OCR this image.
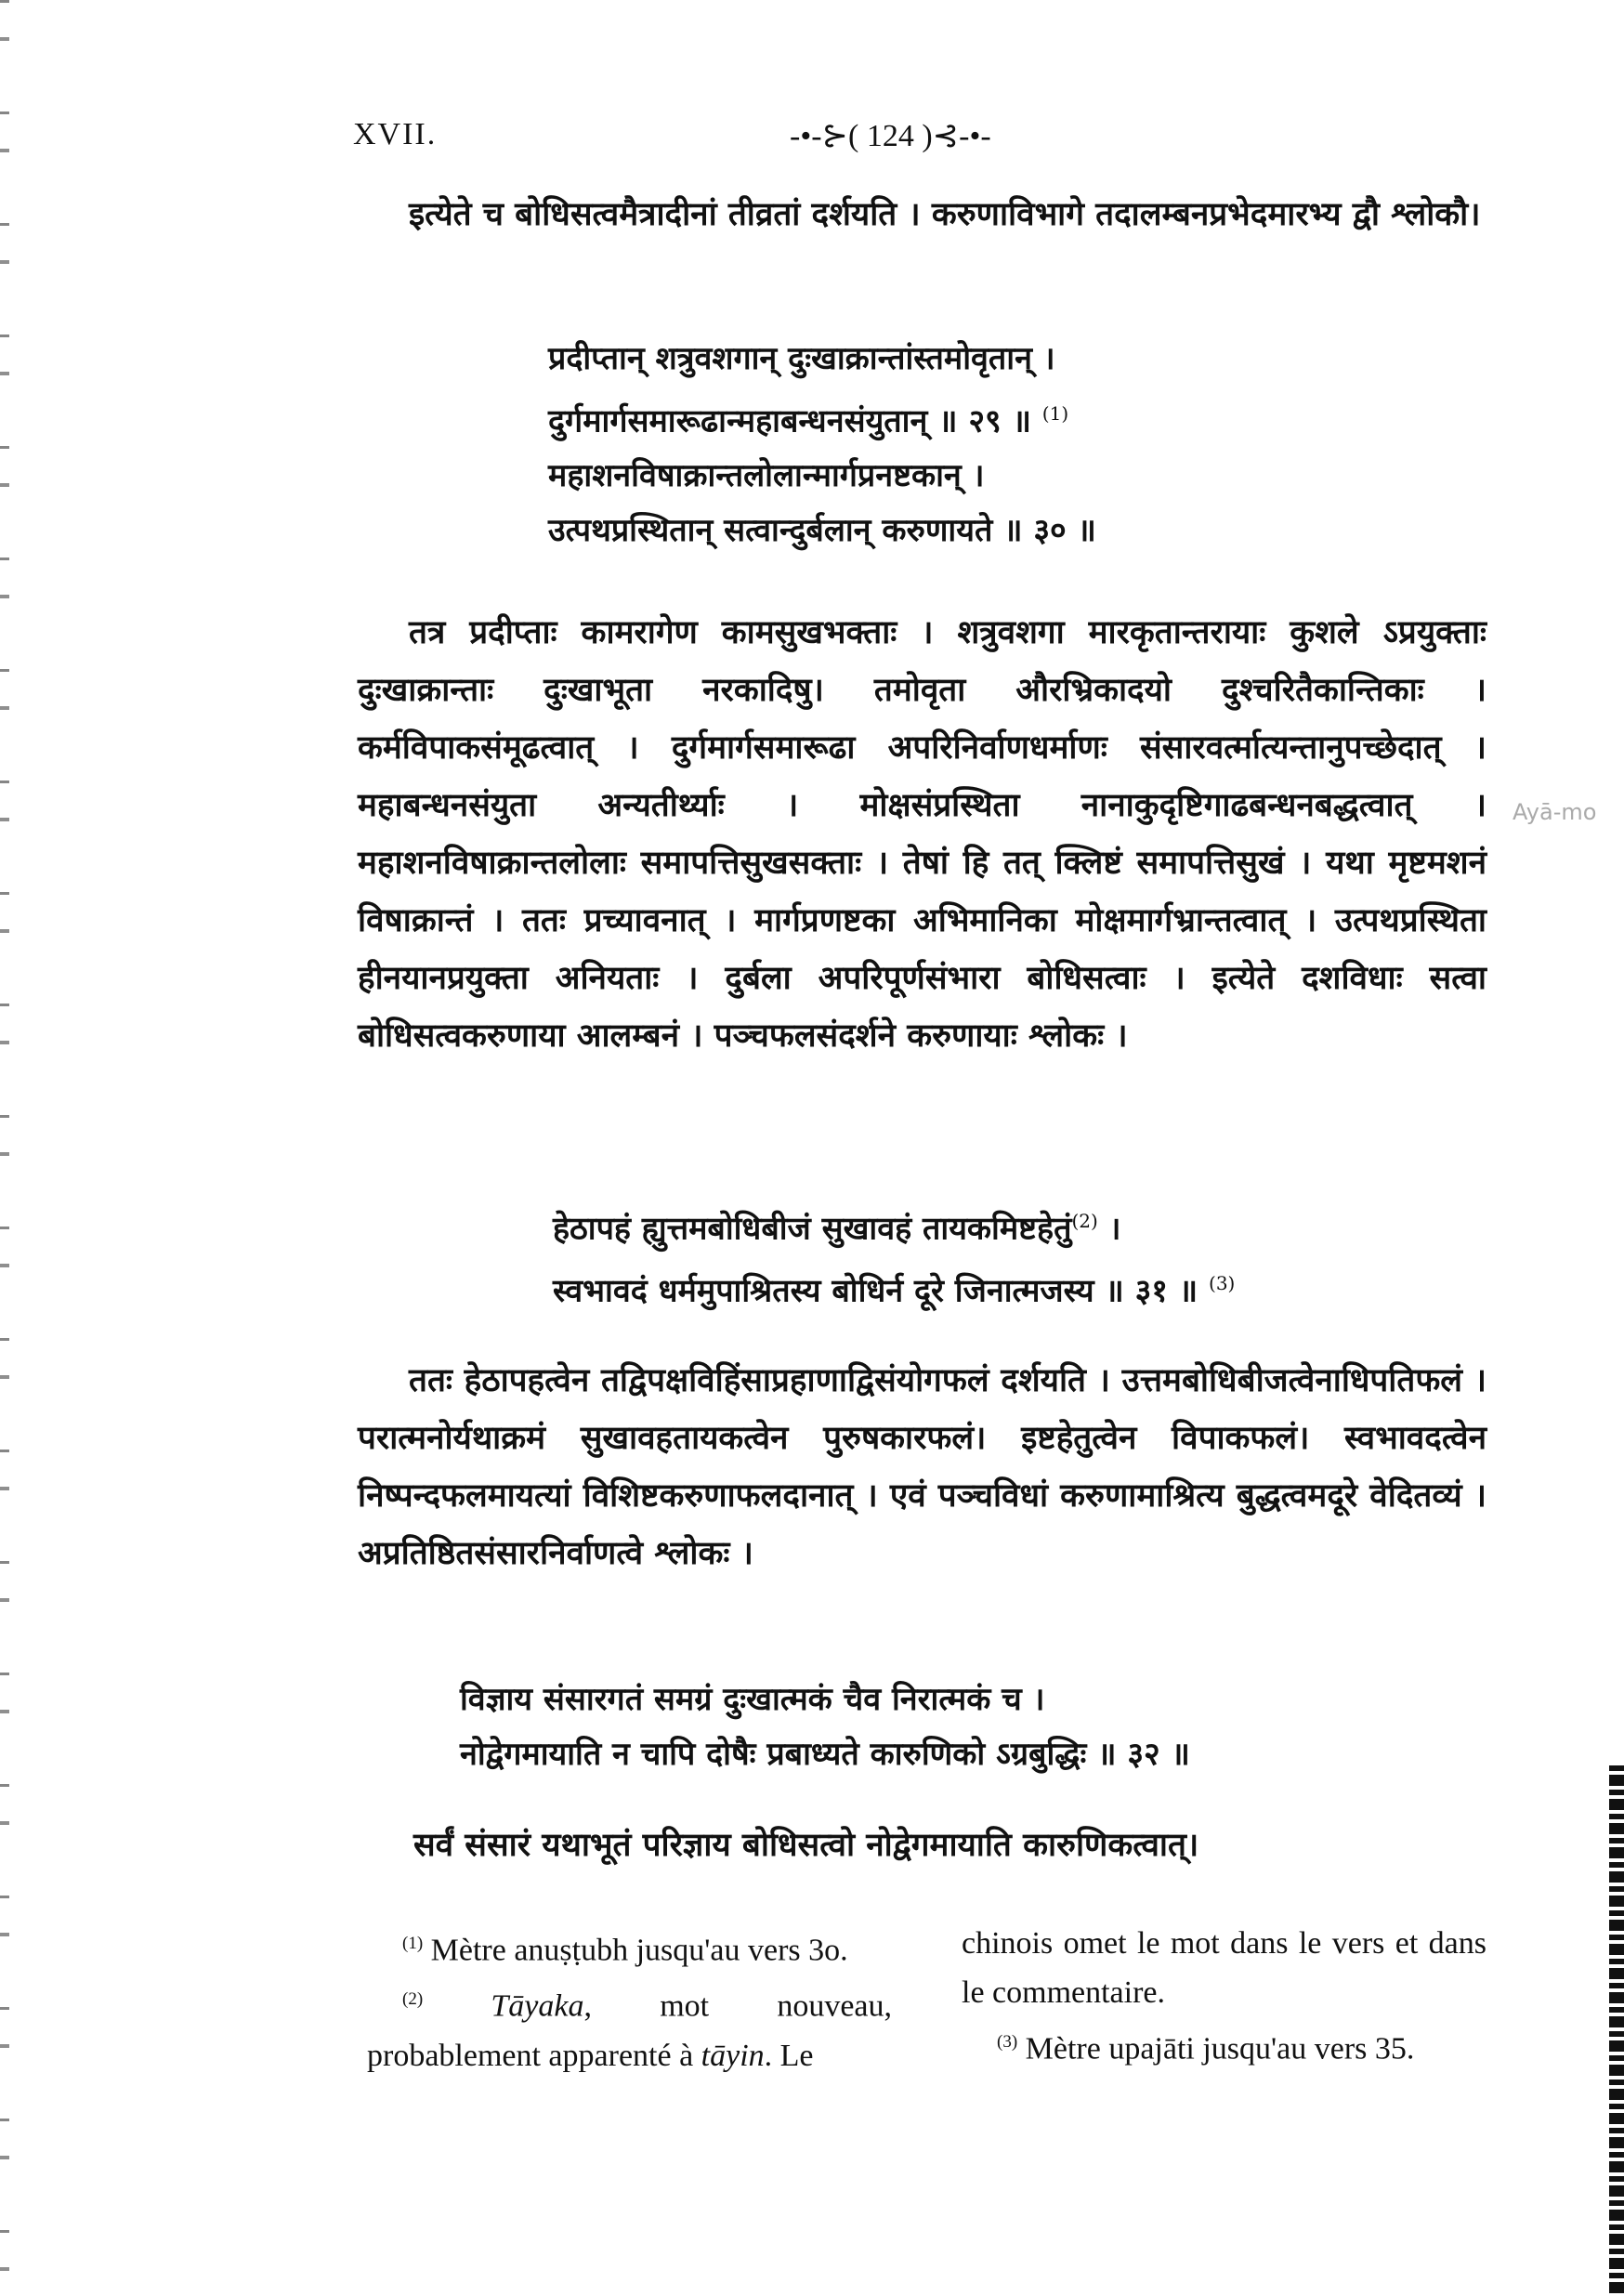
XVII.	-•-⊱( 124 )⊰-•-

इत्येते च बोधिसत्वमैत्रादीनां तीव्रतां दर्शयति । करुणाविभागे तदालम्बनप्रभेदमारभ्य द्वौ श्लोकौ।

प्रदीप्तान् शत्रुवशगान् दुःखाक्रान्तांस्तमोवृतान् ।
दुर्गमार्गसमारूढान्महाबन्धनसंयुतान् ॥ २९ ॥ $^{(1)}$
महाशनविषाक्रान्तलोलान्मार्गप्रनष्टकान् ।
उत्पथप्रस्थितान् सत्वान्दुर्बलान् करुणायते ॥ ३० ॥

तत्र प्रदीप्ताः कामरागेण कामसुखभक्ताः । शत्रुवशगा मारकृतान्तरायाः कुशले ऽप्रयुक्ताः दुःखाक्रान्ताः दुःखाभूता नरकादिषु। तमोवृता औरभ्रिकादयो दुश्चरितैकान्तिकाः । कर्मविपाकसंमूढत्वात् । दुर्गमार्गसमारूढा अपरिनिर्वाणधर्माणः संसारवर्त्मात्यन्तानुपच्छेदात् । महाबन्धनसंयुता अन्यतीर्थ्याः । मोक्षसंप्रस्थिता नानाकुदृष्टिगाढबन्धनबद्धत्वात् । महाशनविषाक्रान्तलोलाः समापत्तिसुखसक्ताः । तेषां हि तत् क्लिष्टं समापत्तिसुखं । यथा मृष्टमशनं विषाक्रान्तं । ततः प्रच्यावनात् । मार्गप्रणष्टका अभिमानिका मोक्षमार्गभ्रान्तत्वात् । उत्पथप्रस्थिता हीनयानप्रयुक्ता अनियताः । दुर्बला अपरिपूर्णसंभारा बोधिसत्वाः । इत्येते दशविधाः सत्वा बोधिसत्वकरुणाया आलम्बनं । पञ्चफलसंदर्शने करुणायाः श्लोकः ।

हेठापहं ह्युत्तमबोधिबीजं सुखावहं तायकमिष्टहेतुं$^{(2)}$ ।
स्वभावदं धर्ममुपाश्रितस्य बोधिर्न दूरे जिनात्मजस्य ॥ ३१ ॥ $^{(3)}$

ततः हेठापहत्वेन तद्विपक्षविहिंसाप्रहाणाद्विसंयोगफलं दर्शयति । उत्तमबोधिबीजत्वेनाधिपतिफलं । परात्मनोर्यथाक्रमं सुखावहतायकत्वेन पुरुषकारफलं। इष्टहेतुत्वेन विपाकफलं। स्वभावदत्वेन निष्पन्दफलमायत्यां विशिष्टकरुणाफलदानात् । एवं पञ्चविधां करुणामाश्रित्य बुद्धत्वमदूरे वेदितव्यं । अप्रतिष्ठितसंसारनिर्वाणत्वे श्लोकः ।

विज्ञाय संसारगतं समग्रं दुःखात्मकं चैव निरात्मकं च ।
नोद्वेगमायाति न चापि दोषैः प्रबाध्यते कारुणिको ऽग्रबुद्धिः ॥ ३२ ॥

सर्वं संसारं यथाभूतं परिज्ञाय बोधिसत्वो नोद्वेगमायाति कारुणिकत्वात्।

$^{(1)}$ Mètre anuṣṭubh jusqu'au vers 3o.

$^{(2)}$ Tāyaka, mot nouveau, probablement apparenté à tāyin. Le

chinois omet le mot dans le vers et dans le commentaire.

$^{(3)}$ Mètre upajāti jusqu'au vers 35.

Ayā-mo
